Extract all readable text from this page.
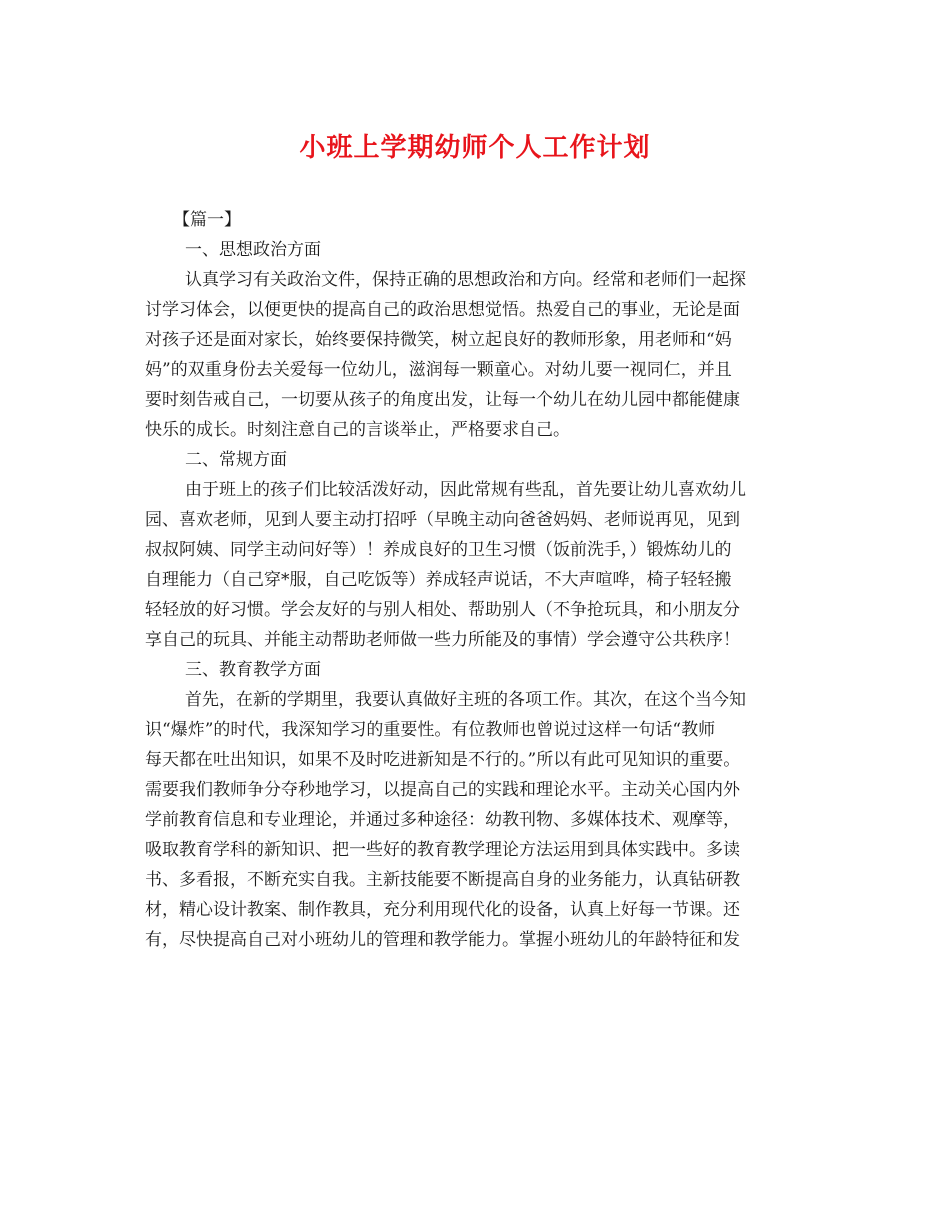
小班上学期幼师个人工作计划
【篇一】
一、思想政治方面
认真学习有关政治文件，保持正确的思想政治和方向。经常和老师们一起探
讨学习体会，以便更快的提高自己的政治思想觉悟。热爱自己的事业，无论是面
对孩子还是面对家长，始终要保持微笑，树立起良好的教师形象，用老师和“妈
妈”的双重身份去关爱每一位幼儿，滋润每一颗童心。对幼儿要一视同仁，并且
要时刻告戒自己，一切要从孩子的角度出发，让每一个幼儿在幼儿园中都能健康
快乐的成长。时刻注意自己的言谈举止，严格要求自己。
二、常规方面
由于班上的孩子们比较活泼好动，因此常规有些乱，首先要让幼儿喜欢幼儿
园、喜欢老师，见到人要主动打招呼（早晚主动向爸爸妈妈、老师说再见，见到
叔叔阿姨、同学主动问好等）！养成良好的卫生习惯（饭前洗手，）锻炼幼儿的
自理能力（自己穿*服，自己吃饭等）养成轻声说话，不大声喧哗，椅子轻轻搬
轻轻放的好习惯。学会友好的与别人相处、帮助别人（不争抢玩具，和小朋友分
享自己的玩具、并能主动帮助老师做一些力所能及的事情）学会遵守公共秩序！
三、教育教学方面
首先，在新的学期里，我要认真做好主班的各项工作。其次，在这个当今知
识“爆炸”的时代，我深知学习的重要性。有位教师也曾说过这样一句话“教师
每天都在吐出知识，如果不及时吃进新知是不行的。”所以有此可见知识的重要。
需要我们教师争分夺秒地学习，以提高自己的实践和理论水平。主动关心国内外
学前教育信息和专业理论，并通过多种途径：幼教刊物、多媒体技术、观摩等，
吸取教育学科的新知识、把一些好的教育教学理论方法运用到具体实践中。多读
书、多看报，不断充实自我。主新技能要不断提高自身的业务能力，认真钻研教
材，精心设计教案、制作教具，充分利用现代化的设备，认真上好每一节课。还
有，尽快提高自己对小班幼儿的管理和教学能力。掌握小班幼儿的年龄特征和发
